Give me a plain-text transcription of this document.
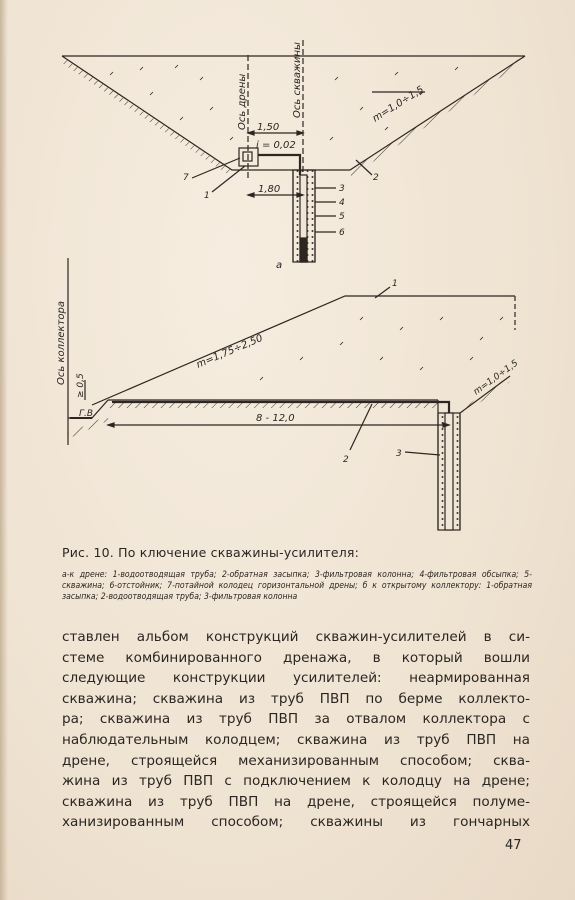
Ось дрены	Ось скважины
1,50
i = 0,02
1,80
m=1,0÷1,5
7
1
2
3
4
5
6
а
Ось коллектора	m=1,75÷2,50
m=1,0÷1,5
8 - 12,0
≥ 0,5
Г.В.
1
2
3
Рис. 10. По ключение скважины-усилителя:
а-к дрене: 1-водоотводящая труба; 2-обратная засыпка; 3-фильтровая колонна; 4-фильтровая обсыпка; 5-скважина; 6-отстойник; 7-потайной колодец горизонтальной дрены; б к открытому коллектору: 1-обратная засыпка; 2-водоотводящая труба; 3-фильтровая колонна
ставлен альбом конструкций скважин-усилителей в си-
стеме комбинированного дренажа, в который вошли
следующие конструкции усилителей: неармированная
скважина; скважина из труб ПВП по берме коллекто-
ра; скважина из труб ПВП за отвалом коллектора с
наблюдательным колодцем; скважина из труб ПВП на
дрене, строящейся механизированным способом; сква-
жина из труб ПВП с подключением к колодцу на дрене;
скважина из труб ПВП на дрене, строящейся полуме-
ханизированным способом; скважины из гончарных
47
